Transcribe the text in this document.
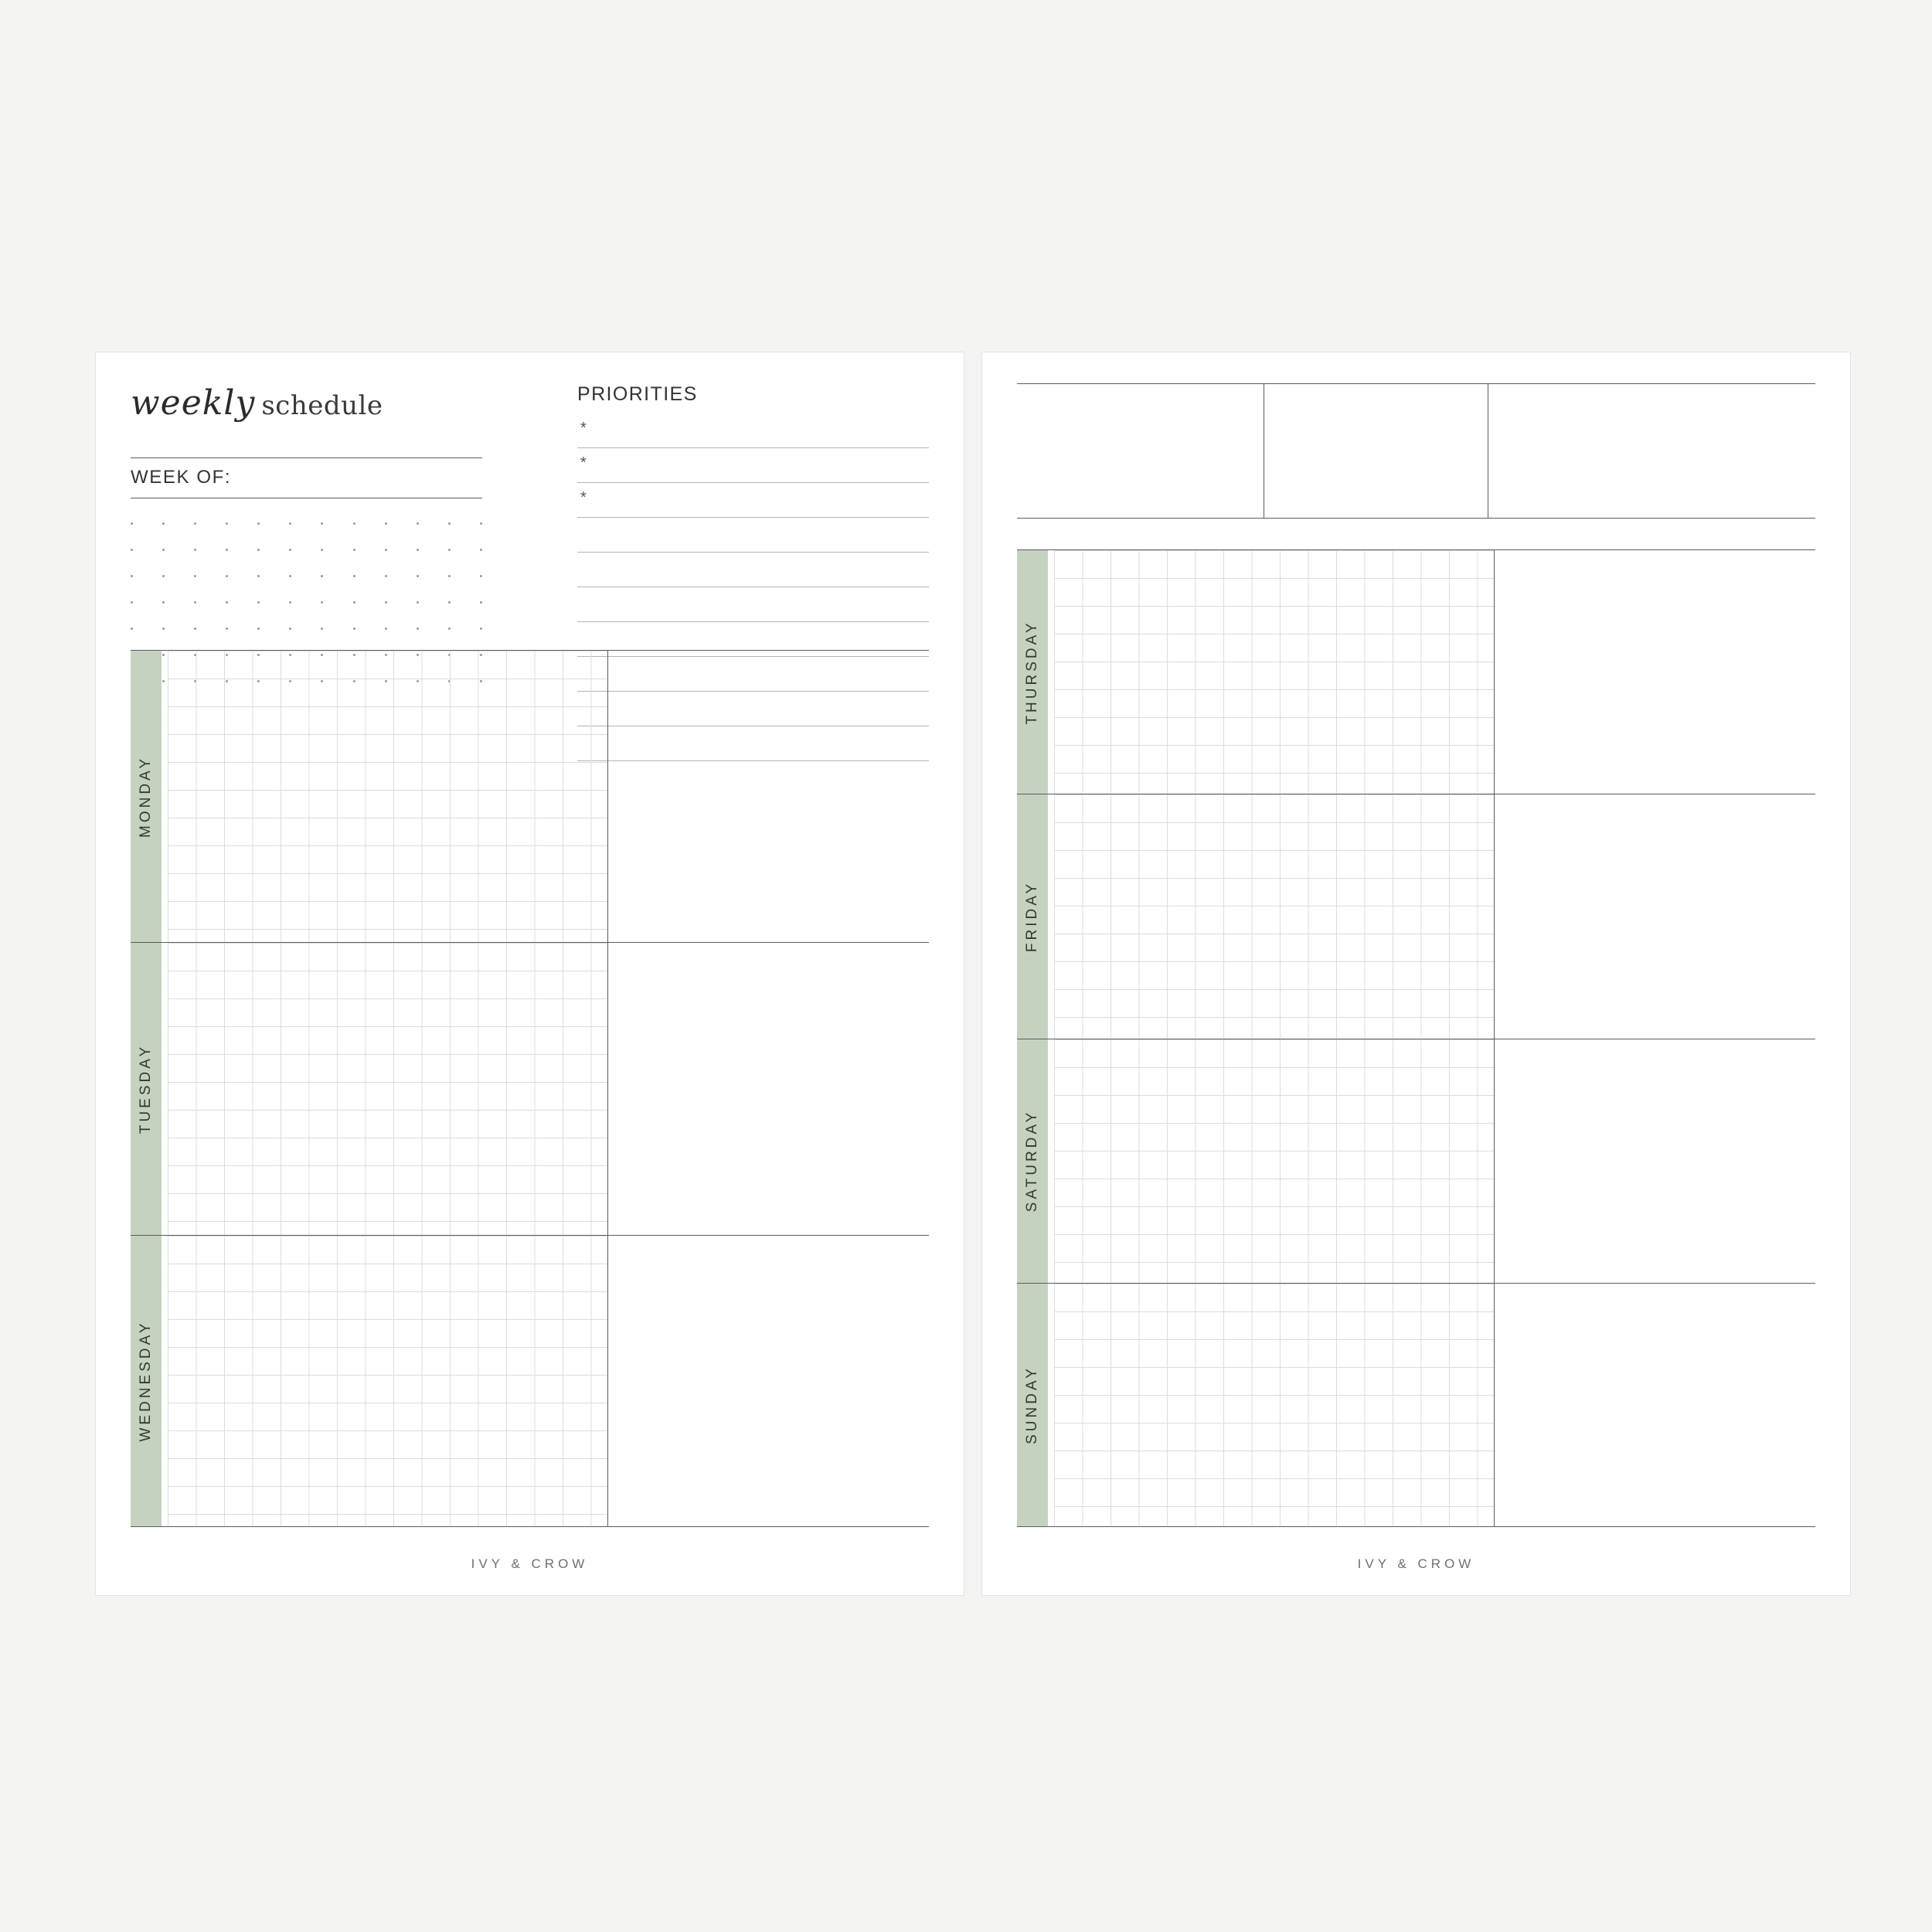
weekly schedule
WEEK OF:
PRIORITIES
*
*
*
MONDAY
TUESDAY
WEDNESDAY
IVY & CROW
THURSDAY
FRIDAY
SATURDAY
SUNDAY
IVY & CROW
